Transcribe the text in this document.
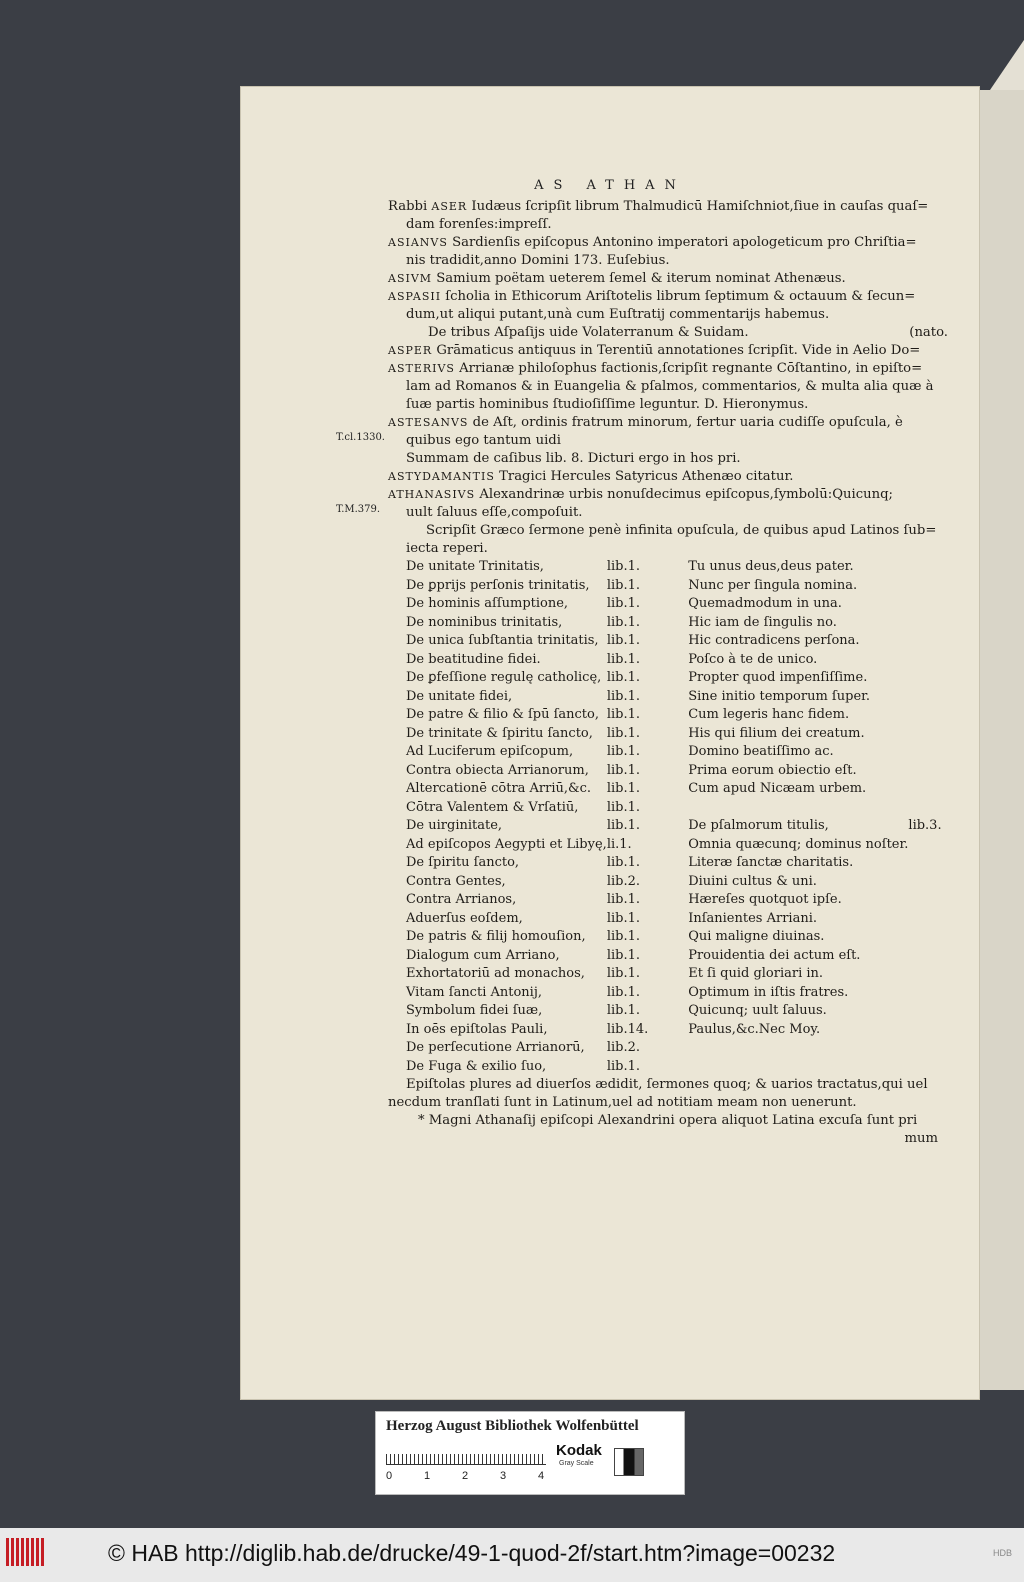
AS ATHAN
T.cl.1330.
T.M.379.

Rabbi ASER Iudæus ſcripſit librum Thalmudicū Hamiſchniot,ſiue in cauſas quaſ=
dam forenſes:impreſſ.

ASIANVS Sardienſis epiſcopus Antonino imperatori apologeticum pro Chriſtia=
nis tradidit,anno Domini 173. Euſebius.

ASIVM Samium poëtam ueterem ſemel & iterum nominat Athenæus.

ASPASII ſcholia in Ethicorum Ariſtotelis librum ſeptimum & octauum & ſecun=
dum,ut aliqui putant,unà cum Euſtratij commentarijs habemus.

De tribus Aſpaſijs uide Volaterranum & Suidam.	(nato.

ASPER Grāmaticus antiquus in Terentiū annotationes ſcripſit. Vide in Aelio Do=

ASTERIVS Arrianæ philoſophus factionis,ſcripſit regnante Cōſtantino, in epiſto=
lam ad Romanos & in Euangelia & pſalmos, commentarios, & multa alia quæ à
ſuæ partis hominibus ſtudioſiſſime leguntur. D. Hieronymus.

ASTESANVS de Aſt, ordinis fratrum minorum, fertur uaria cudiſſe opuſcula, è
quibus ego tantum uidi
Summam de caſibus lib. 8. Dicturi ergo in hos pri.

ASTYDAMANTIS Tragici Hercules Satyricus Athenæo citatur.

ATHANASIVS Alexandrinæ urbis nonuſdecimus epiſcopus,ſymbolū:Quicunq;
uult ſaluus eſſe,compoſuit.

Scripſit Græco ſermone penè infinita opuſcula, de quibus apud Latinos ſub=
iecta reperi.

De unitate Trinitatis,	lib.1.	Tu unus deus,deus pater.	
De ꝑprijs perſonis trinitatis,	lib.1.	Nunc per ſingula nomina.	
De hominis aſſumptione,	lib.1.	Quemadmodum in una.	
De nominibus trinitatis,	lib.1.	Hic iam de ſingulis no.	
De unica ſubſtantia trinitatis,	lib.1.	Hic contradicens perſona.	
De beatitudine fidei.	lib.1.	Poſco à te de unico.	
De ꝑfeſſione regulę catholicę,	lib.1.	Propter quod impenſiſſime.	
De unitate fidei,	lib.1.	Sine initio temporum ſuper.	
De patre & filio & ſpū ſancto,	lib.1.	Cum legeris hanc fidem.	
De trinitate & ſpiritu ſancto,	lib.1.	His qui filium dei creatum.	
Ad Luciferum epiſcopum,	lib.1.	Domino beatiſſimo ac.	
Contra obiecta Arrianorum,	lib.1.	Prima eorum obiectio eſt.	
Altercationē cōtra Arriū,&c.	lib.1.	Cum apud Nicæam urbem.	
Cōtra Valentem & Vrſatiū,	lib.1.		
De uirginitate,	lib.1.	De pſalmorum titulis,	lib.3.
Ad epiſcopos Aegypti et Libyę,	li.1.	Omnia quæcunq; dominus noſter.	
De ſpiritu ſancto,	lib.1.	Literæ ſanctæ charitatis.	
Contra Gentes,	lib.2.	Diuini cultus & uni.	
Contra Arrianos,	lib.1.	Hæreſes quotquot ipſe.	
Aduerſus eoſdem,	lib.1.	Inſanientes Arriani.	
De patris & filij homouſion,	lib.1.	Qui maligne diuinas.	
Dialogum cum Arriano,	lib.1.	Prouidentia dei actum eſt.	
Exhortatoriū ad monachos,	lib.1.	Et ſi quid gloriari in.	
Vitam ſancti Antonij,	lib.1.	Optimum in iſtis fratres.	
Symbolum fidei ſuæ,	lib.1.	Quicunq; uult ſaluus.	
In oēs epiſtolas Pauli,	lib.14.	Paulus,&c.Nec Moy.	
De perſecutione Arrianorū,	lib.2.		
De Fuga & exilio ſuo,	lib.1.		

Epiſtolas plures ad diuerſos ædidit, ſermones quoq; & uarios tractatus,qui uel
necdum tranſlati ſunt in Latinum,uel ad notitiam meam non uenerunt.
* Magni Athanaſij epiſcopi Alexandrini opera aliquot Latina excuſa ſunt pri

mum

Herzog August Bibliothek Wolfenbüttel
0	1	2	3	4
Kodak
Gray Scale
© HAB http://diglib.hab.de/drucke/49-1-quod-2f/start.htm?image=00232	HDB
